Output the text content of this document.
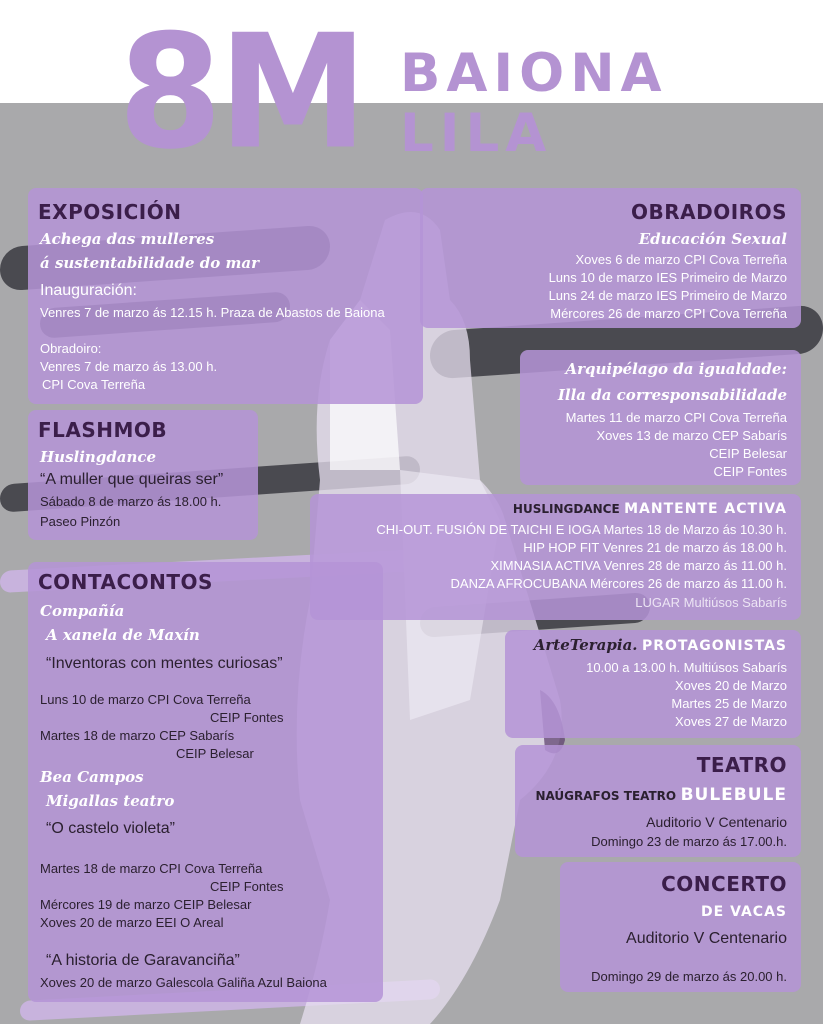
8M BAIONA LILA
EXPOSICIÓN
Achega das mulleres
á sustentabilidade do mar
Inauguración:
Venres 7 de marzo ás 12.15 h. Praza de Abastos de Baiona
Obradoiro:
Venres 7 de marzo ás 13.00 h.
CPI Cova Terreña
FLASHMOB
Huslingdance
“A muller que queiras ser”
Sábado 8 de marzo ás 18.00 h.
Paseo Pinzón
CONTACONTOS
Compañía
A xanela de Maxín
“Inventoras con mentes curiosas”
Luns 10 de marzo CPI Cova Terreña
CEIP Fontes
Martes 18 de marzo CEP Sabarís
CEIP Belesar
Bea Campos
Migallas teatro
“O castelo violeta”
Martes 18 de marzo CPI Cova Terreña
CEIP Fontes
Mércores 19 de marzo CEIP Belesar
Xoves 20 de marzo EEI O Areal
“A historia de Garavanciña”
Xoves 20 de marzo Galescola Galiña Azul Baiona
OBRADOIROS
Educación Sexual
Xoves 6 de marzo CPI Cova Terreña
Luns 10 de marzo IES Primeiro de Marzo
Luns 24 de marzo IES Primeiro de Marzo
Mércores 26 de marzo CPI Cova Terreña
Arquipélago da igualdade:
Illa da corresponsabilidade
Martes 11 de marzo CPI Cova Terreña
Xoves 13 de marzo CEP Sabarís
CEIP Belesar
CEIP Fontes
HUSLINGDANCE MANTENTE ACTIVA
CHI-OUT. FUSIÓN DE TAICHI E IOGA Martes 18 de Marzo ás 10.30 h.
HIP HOP FIT Venres 21 de marzo ás 18.00 h.
XIMNASIA ACTIVA Venres 28 de marzo ás 11.00 h.
DANZA AFROCUBANA Mércores 26 de marzo ás 11.00 h.
LUGAR Multiúsos Sabarís
ArteTerapia. PROTAGONISTAS
10.00 a 13.00 h. Multiúsos Sabarís
Xoves 20 de Marzo
Martes 25 de Marzo
Xoves 27 de Marzo
TEATRO
NAÚGRAFOS TEATRO BULEBULE
Auditorio V Centenario
Domingo 23 de marzo ás 17.00.h.
CONCERTO
DE VACAS
Auditorio V Centenario
Domingo 29 de marzo ás 20.00 h.
